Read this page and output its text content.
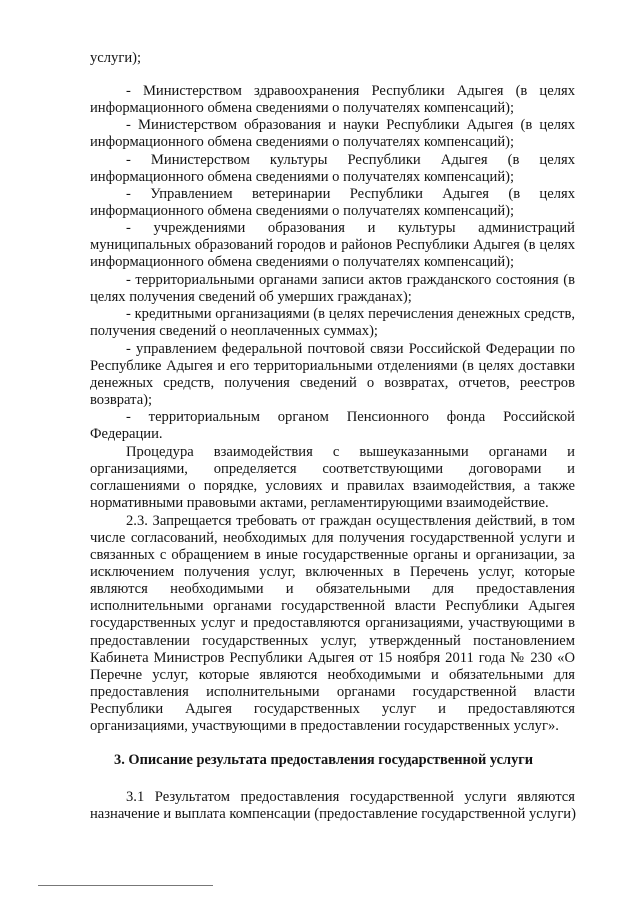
услуги);
- Министерством здравоохранения Республики Адыгея (в целях
информационного обмена сведениями о получателях компенсаций);
- Министерством образования и науки Республики Адыгея (в целях
информационного обмена сведениями о получателях компенсаций);
- Министерством культуры Республики Адыгея (в целях
информационного обмена сведениями о получателях компенсаций);
- Управлением ветеринарии Республики Адыгея (в целях
информационного обмена сведениями о получателях компенсаций);
- учреждениями образования и культуры администраций
муниципальных образований городов и районов Республики Адыгея (в целях
информационного обмена сведениями о получателях компенсаций);
- территориальными органами записи актов гражданского состояния (в
целях получения сведений об умерших гражданах);
- кредитными организациями (в целях перечисления денежных средств,
получения сведений о неоплаченных суммах);
- управлением федеральной почтовой связи Российской Федерации по
Республике Адыгея и его территориальными отделениями (в целях доставки
денежных средств, получения сведений о возвратах, отчетов, реестров
возврата);
- территориальным органом Пенсионного фонда Российской
Федерации.
Процедура взаимодействия с вышеуказанными органами и
организациями, определяется соответствующими договорами и
соглашениями о порядке, условиях и правилах взаимодействия, а также
нормативными правовыми актами, регламентирующими взаимодействие.
2.3. Запрещается требовать от граждан осуществления действий, в том
числе согласований, необходимых для получения государственной услуги и
связанных с обращением в иные государственные органы и организации, за
исключением получения услуг, включенных в Перечень услуг, которые
являются необходимыми и обязательными для предоставления
исполнительными органами государственной власти Республики Адыгея
государственных услуг и предоставляются организациями, участвующими в
предоставлении государственных услуг, утвержденный постановлением
Кабинета Министров Республики Адыгея от 15 ноября 2011 года № 230 «О
Перечне услуг, которые являются необходимыми и обязательными для
предоставления исполнительными органами государственной власти
Республики Адыгея государственных услуг и предоставляются
организациями, участвующими в предоставлении государственных услуг».
3. Описание результата предоставления государственной услуги
3.1 Результатом предоставления государственной услуги являются
назначение и выплата компенсации (предоставление государственной услуги)
